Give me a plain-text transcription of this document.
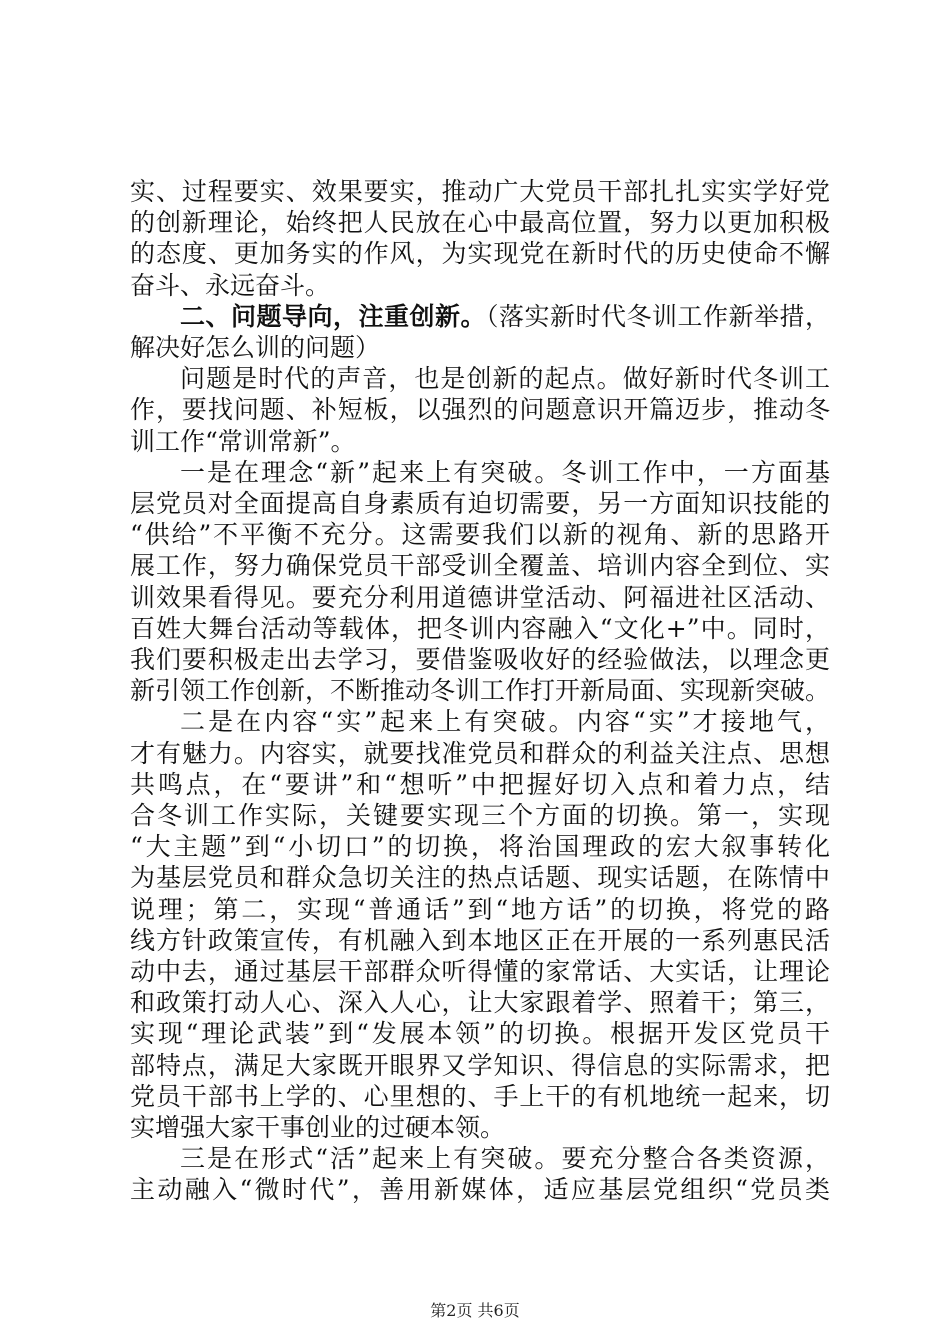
实、过程要实、效果要实，推动广大党员干部扎扎实实学好党
的创新理论，始终把人民放在心中最高位置，努力以更加积极
的态度、更加务实的作风，为实现党在新时代的历史使命不懈
奋斗、永远奋斗。
二、问题导向，注重创新。（落实新时代冬训工作新举措，
解决好怎么训的问题）
问题是时代的声音，也是创新的起点。做好新时代冬训工
作，要找问题、补短板，以强烈的问题意识开篇迈步，推动冬
训工作“常训常新”。
一是在理念“新”起来上有突破。冬训工作中，一方面基
层党员对全面提高自身素质有迫切需要，另一方面知识技能的
“供给”不平衡不充分。这需要我们以新的视角、新的思路开
展工作，努力确保党员干部受训全覆盖、培训内容全到位、实
训效果看得见。要充分利用道德讲堂活动、阿福进社区活动、
百姓大舞台活动等载体，把冬训内容融入“文化+”中。同时，
我们要积极走出去学习，要借鉴吸收好的经验做法，以理念更
新引领工作创新，不断推动冬训工作打开新局面、实现新突破。
二是在内容“实”起来上有突破。内容“实”才接地气，
才有魅力。内容实，就要找准党员和群众的利益关注点、思想
共鸣点，在“要讲”和“想听”中把握好切入点和着力点，结
合冬训工作实际，关键要实现三个方面的切换。第一，实现
“大主题”到“小切口”的切换，将治国理政的宏大叙事转化
为基层党员和群众急切关注的热点话题、现实话题，在陈情中
说理；第二，实现“普通话”到“地方话”的切换，将党的路
线方针政策宣传，有机融入到本地区正在开展的一系列惠民活
动中去，通过基层干部群众听得懂的家常话、大实话，让理论
和政策打动人心、深入人心，让大家跟着学、照着干；第三，
实现“理论武装”到“发展本领”的切换。根据开发区党员干
部特点，满足大家既开眼界又学知识、得信息的实际需求，把
党员干部书上学的、心里想的、手上干的有机地统一起来，切
实增强大家干事创业的过硬本领。
三是在形式“活”起来上有突破。要充分整合各类资源，
主动融入“微时代”，善用新媒体，适应基层党组织“党员类
第2页 共6页
